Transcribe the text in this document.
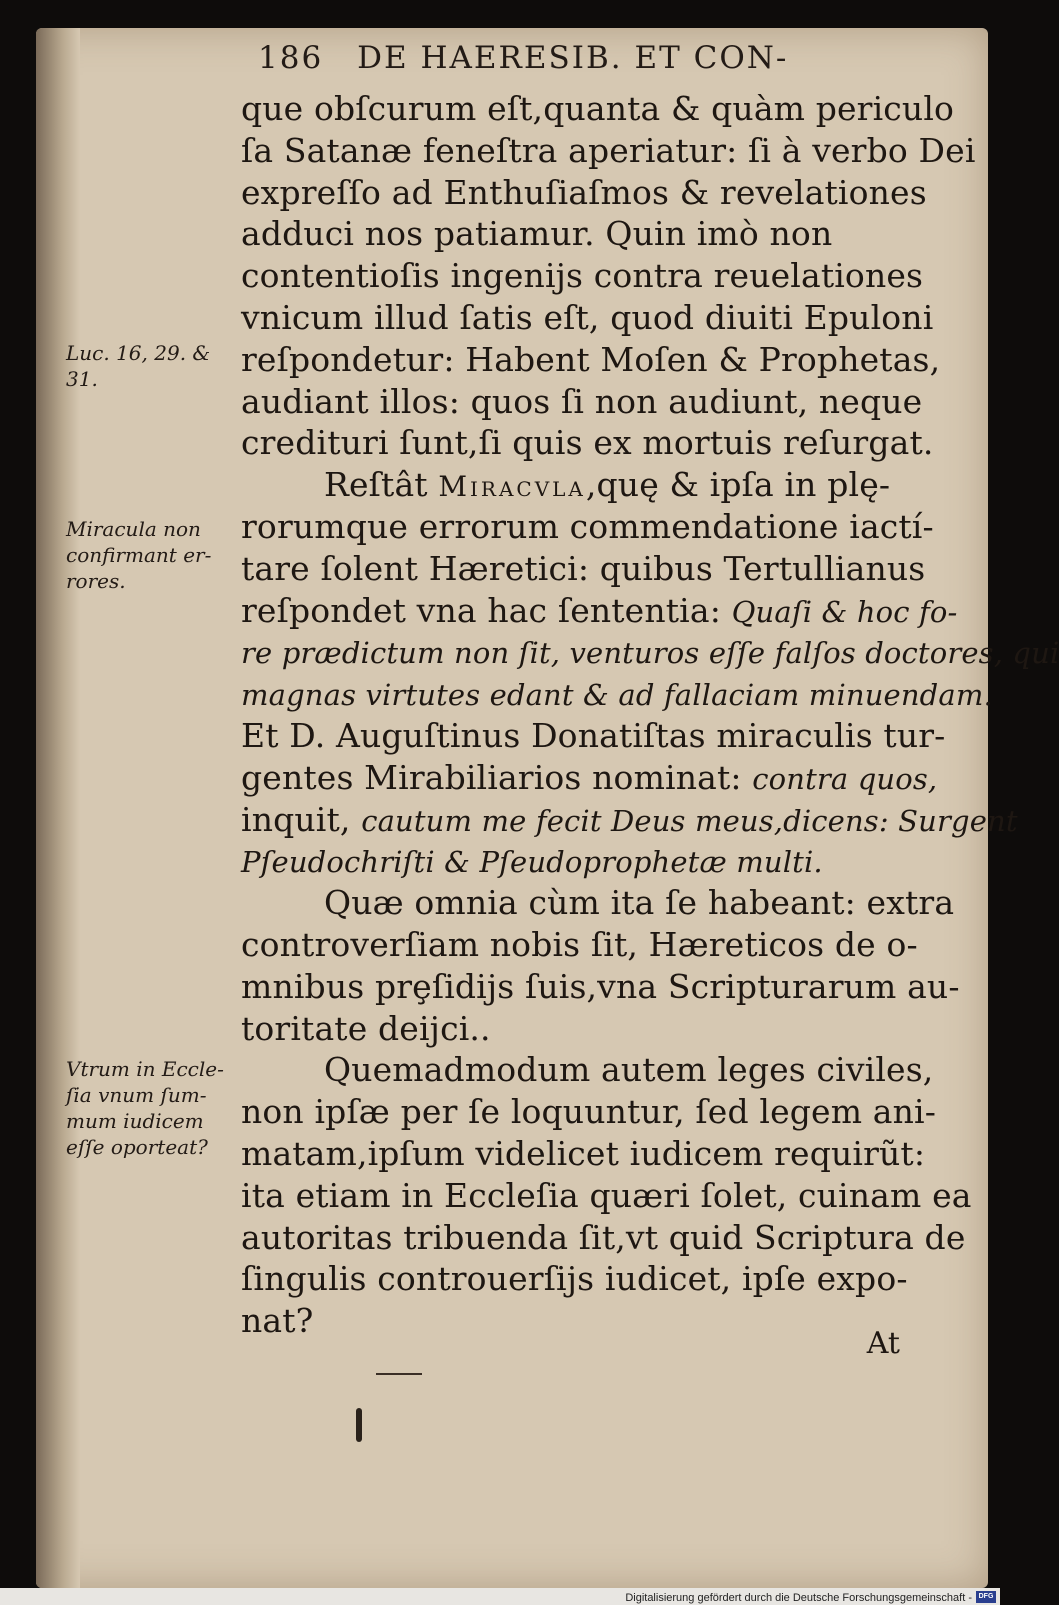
186 DE HAERESIB. ET CON-
Luc. 16, 29. &
31.
Miracula non
confirmant er-
rores.
Vtrum in Eccle-
ſia vnum ſum-
mum iudicem
eſſe oporteat?
que obſcurum eſt,quanta & quàm periculo
ſa Satanæ feneſtra aperiatur: ſi à verbo Dei
expreſſo ad Enthuſiaſmos & revelationes
adduci nos patiamur. Quin imò non
contentioſis ingenijs contra reuelationes
vnicum illud ſatis eſt, quod diuiti Epuloni
reſpondetur: Habent Moſen & Prophetas,
audiant illos: quos ſi non audiunt, neque
credituri ſunt,ſi quis ex mortuis reſurgat.
Reſtât Miracvla,quę & ipſa in plę-
rorumque errorum commendatione iactí-
tare ſolent Hæretici: quibus Tertullianus
reſpondet vna hac ſententia: Quaſi & hoc fo-
re prædictum non ſit, venturos eſſe falſos doctores, qui
magnas virtutes edant & ad fallaciam minuendam.
Et D. Auguſtinus Donatiſtas miraculis tur-
gentes Mirabiliarios nominat: contra quos,
inquit, cautum me fecit Deus meus,dicens: Surgent
Pſeudochriſti & Pſeudoprophetæ multi.
Quæ omnia cùm ita ſe habeant: extra
controverſiam nobis ſit, Hæreticos de o-
mnibus prȩſidijs ſuis,vna Scripturarum au-
toritate deijci..
Quemadmodum autem leges civiles,
non ipſæ per ſe loquuntur, ſed legem ani-
matam,ipſum videlicet iudicem requirũt:
ita etiam in Eccleſia quæri ſolet, cuinam ea
autoritas tribuenda ſit,vt quid Scriptura de
ſingulis controuerſijs iudicet, ipſe expo-
nat?
At
Digitalisierung gefördert durch die Deutsche Forschungsgemeinschaft - DFG
